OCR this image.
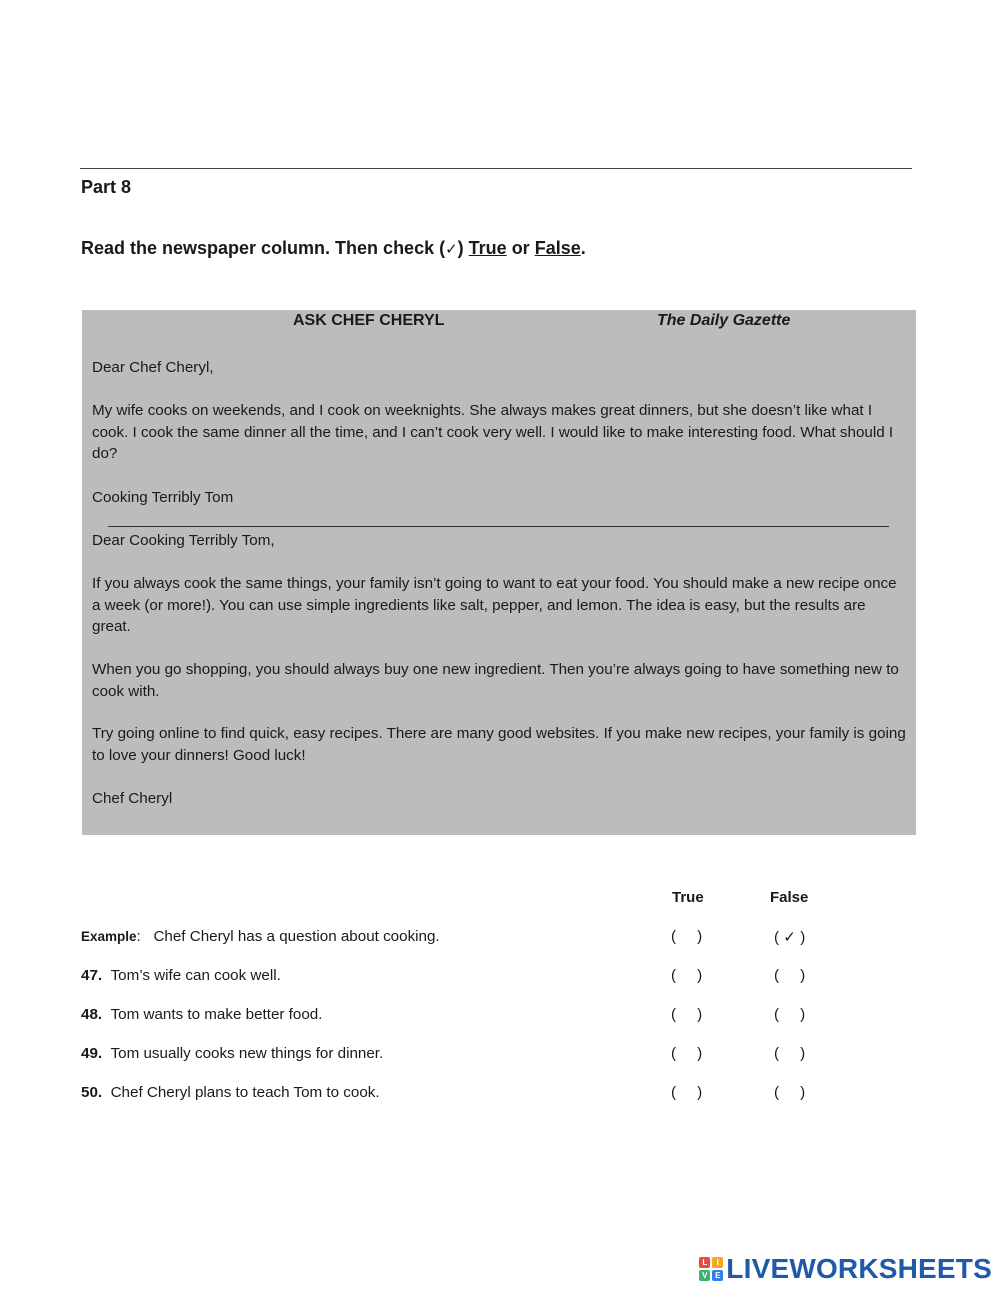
Part 8
Read the newspaper column. Then check (✓) True or False.
ASK CHEF CHERYL	The Daily Gazette
Dear Chef Cheryl,
My wife cooks on weekends, and I cook on weeknights. She always makes great dinners, but she doesn’t like what I cook. I cook the same dinner all the time, and I can’t cook very well. I would like to make interesting food. What should I do?
Cooking Terribly Tom
Dear Cooking Terribly Tom,
If you always cook the same things, your family isn’t going to want to eat your food. You should make a new recipe once a week (or more!). You can use simple ingredients like salt, pepper, and lemon. The idea is easy, but the results are great.
When you go shopping, you should always buy one new ingredient. Then you’re always going to have something new to cook with.
Try going online to find quick, easy recipes. There are many good websites. If you make new recipes, your family is going to love your dinners! Good luck!
Chef Cheryl
True	False
Example: Chef Cheryl has a question about cooking.	(     )	( ✓ )
47. Tom’s wife can cook well.	(     )	(     )
48. Tom wants to make better food.	(     )	(     )
49. Tom usually cooks new things for dinner.	(     )	(     )
50. Chef Cheryl plans to teach Tom to cook.	(     )	(     )
L	I
V E LIVEWORKSHEETS
